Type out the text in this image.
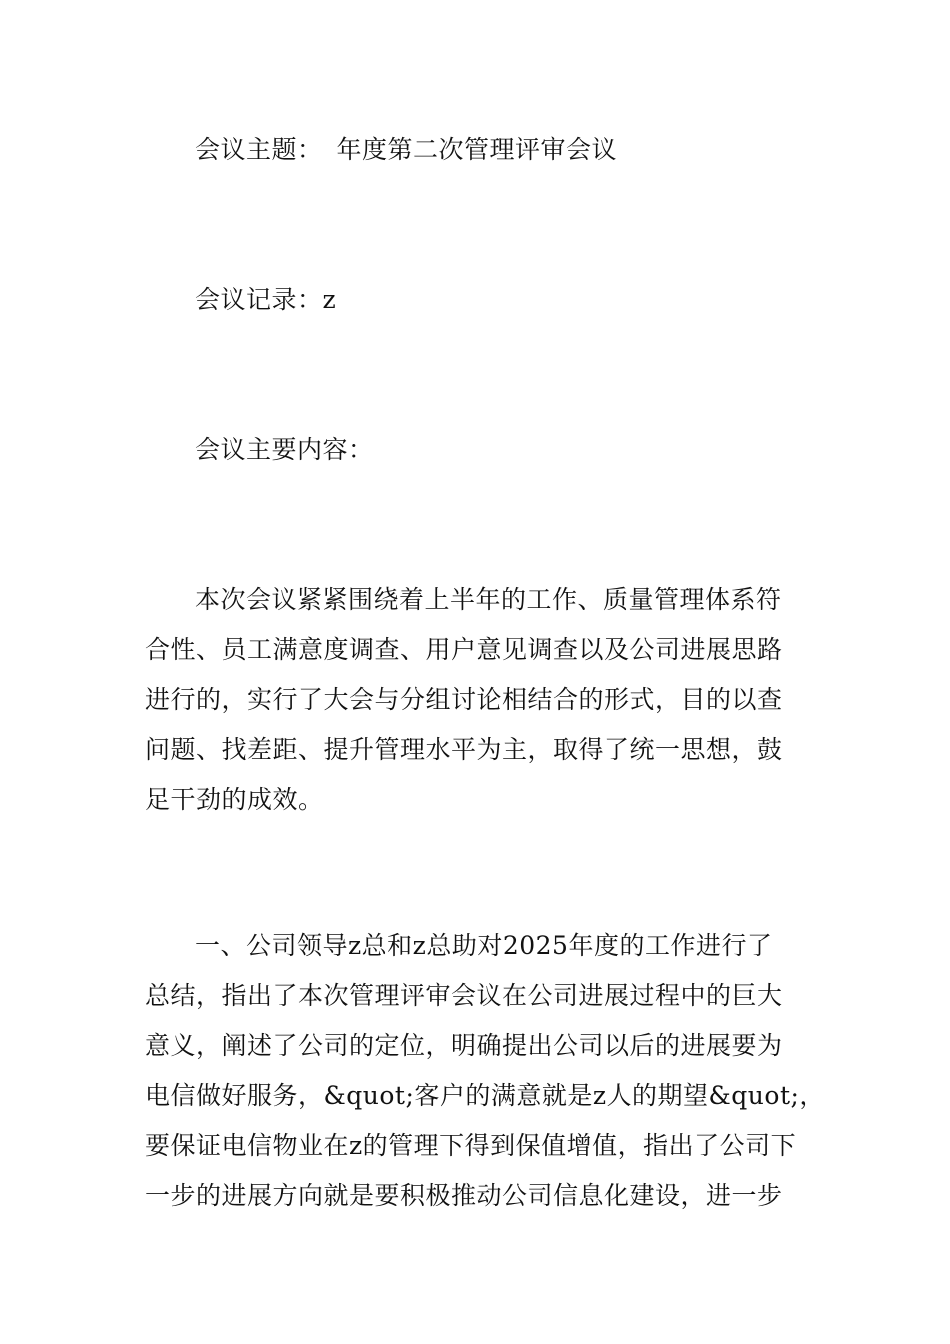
会议主题： 年度第二次管理评审会议
会议记录：z
会议主要内容：
本次会议紧紧围绕着上半年的工作、质量管理体系符
合性、员工满意度调查、用户意见调查以及公司进展思路
进行的，实行了大会与分组讨论相结合的形式，目的以查
问题、找差距、提升管理水平为主，取得了统一思想，鼓
足干劲的成效。
一、公司领导z总和z总助对2025年度的工作进行了
总结，指出了本次管理评审会议在公司进展过程中的巨大
意义，阐述了公司的定位，明确提出公司以后的进展要为
电信做好服务，&quot;客户的满意就是z人的期望&quot;，
要保证电信物业在z的管理下得到保值增值，指出了公司下
一步的进展方向就是要积极推动公司信息化建设，进一步
